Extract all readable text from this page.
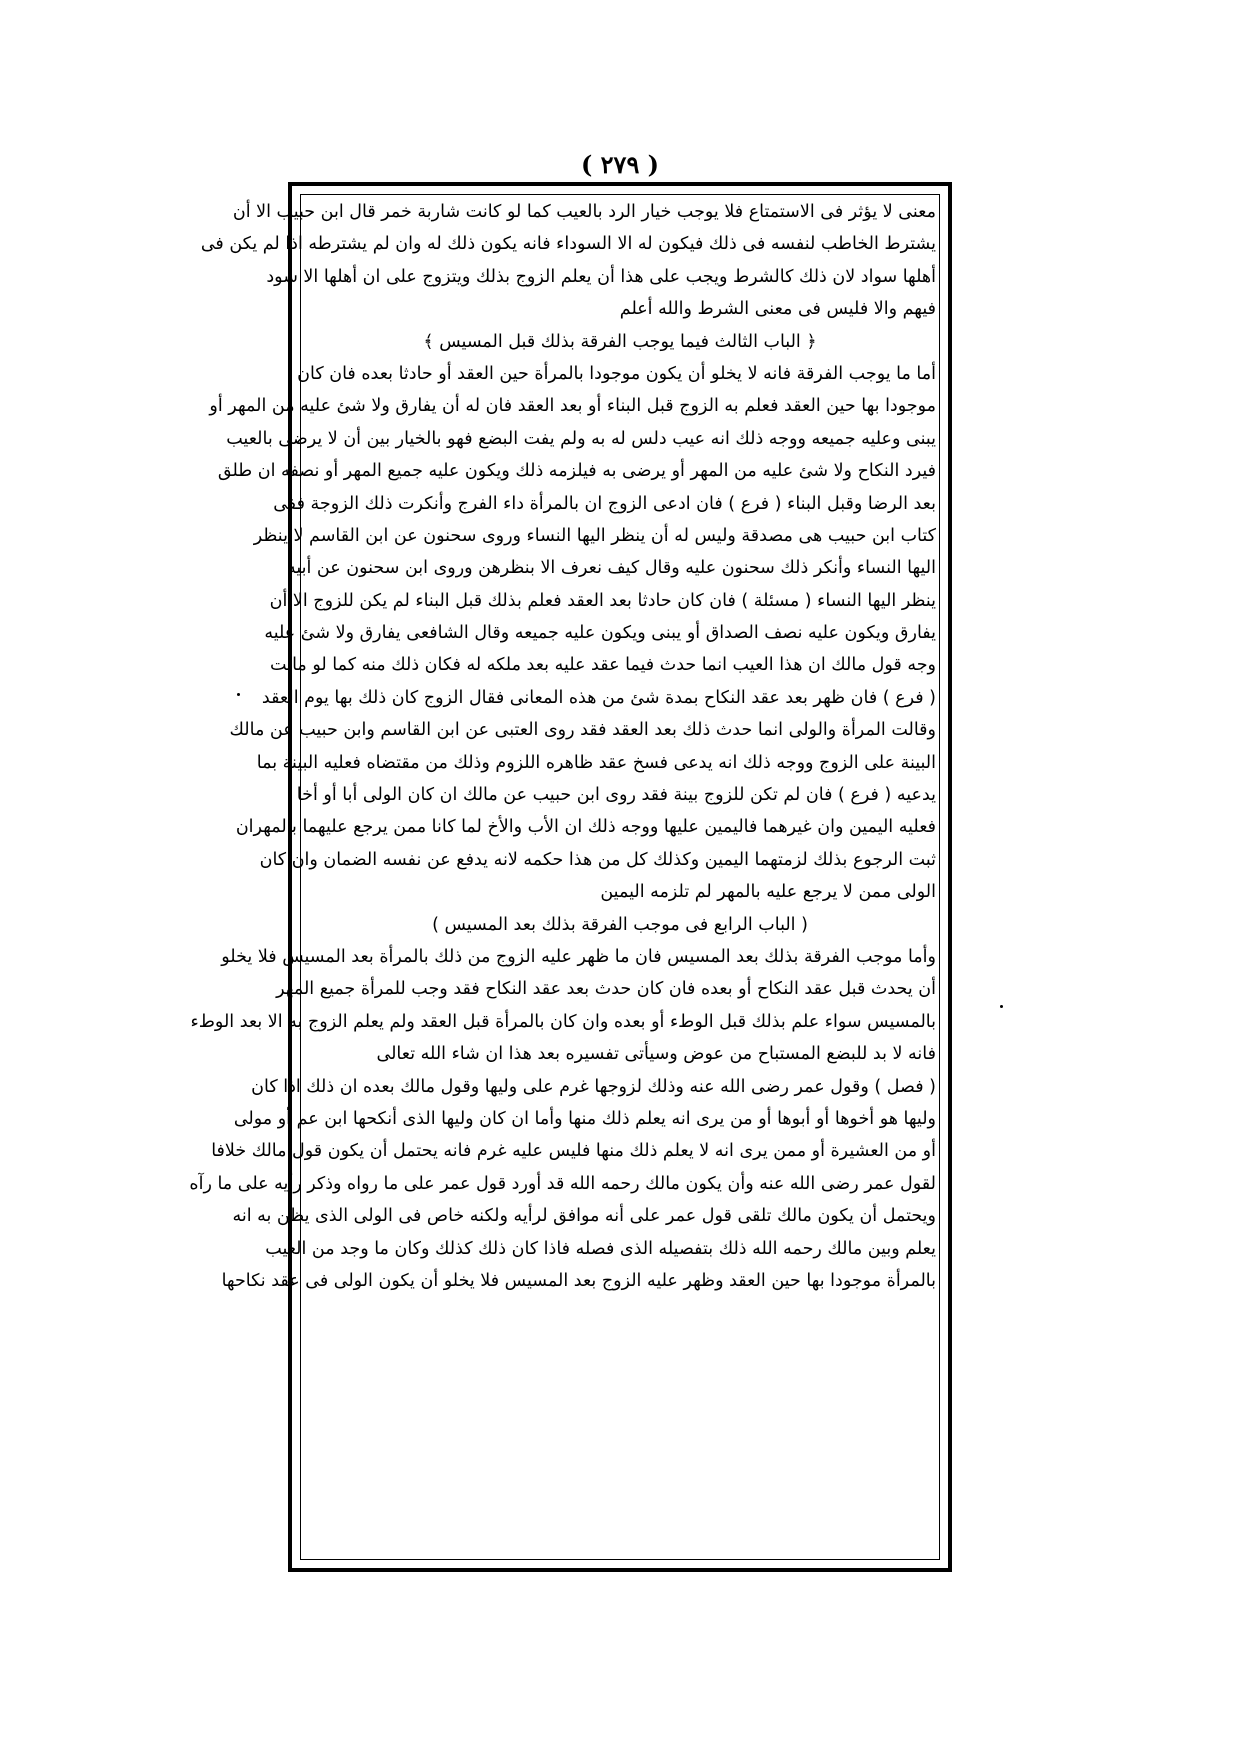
( ٢٧٩ )
معنى لا يؤثر فى الاستمتاع فلا يوجب خيار الرد بالعيب كما لو كانت شاربة خمر قال ابن حبيب الا أن
يشترط الخاطب لنفسه فى ذلك فيكون له الا السوداء فانه يكون ذلك له وان لم يشترطه اذا لم يكن فى
أهلها سواد لان ذلك كالشرط ويجب على هذا أن يعلم الزوج بذلك ويتزوج على ان أهلها الا سود
فيهم والا فليس فى معنى الشرط والله أعلم
﴿ الباب الثالث فيما يوجب الفرقة بذلك قبل المسيس ﴾
أما ما يوجب الفرقة فانه لا يخلو أن يكون موجودا بالمرأة حين العقد أو حادثا بعده فان كان
موجودا بها حين العقد فعلم به الزوج قبل البناء أو بعد العقد فان له أن يفارق ولا شئ عليه من المهر أو
يبنى وعليه جميعه ووجه ذلك انه عيب دلس له به ولم يفت البضع فهو بالخيار بين أن لا يرضى بالعيب
فيرد النكاح ولا شئ عليه من المهر أو يرضى به فيلزمه ذلك ويكون عليه جميع المهر أو نصفه ان طلق
بعد الرضا وقبل البناء ( فرع ) فان ادعى الزوج ان بالمرأة داء الفرج وأنكرت ذلك الزوجة ففى
كتاب ابن حبيب هى مصدقة وليس له أن ينظر اليها النساء وروى سحنون عن ابن القاسم لا ينظر
اليها النساء وأنكر ذلك سحنون عليه وقال كيف نعرف الا بنظرهن وروى ابن سحنون عن أبيه
ينظر اليها النساء ( مسئلة ) فان كان حادثا بعد العقد فعلم بذلك قبل البناء لم يكن للزوج الا أن
يفارق ويكون عليه نصف الصداق أو يبنى ويكون عليه جميعه وقال الشافعى يفارق ولا شئ عليه
وجه قول مالك ان هذا العيب انما حدث فيما عقد عليه بعد ملكه له فكان ذلك منه كما لو ماتت
( فرع ) فان ظهر بعد عقد النكاح بمدة شئ من هذه المعانى فقال الزوج كان ذلك بها يوم العقد
وقالت المرأة والولى انما حدث ذلك بعد العقد فقد روى العتبى عن ابن القاسم وابن حبيب عن مالك
البينة على الزوج ووجه ذلك انه يدعى فسخ عقد ظاهره اللزوم وذلك من مقتضاه فعليه البينة بما
يدعيه ( فرع ) فان لم تكن للزوج بينة فقد روى ابن حبيب عن مالك ان كان الولى أبا أو أخا
فعليه اليمين وان غيرهما فاليمين عليها ووجه ذلك ان الأب والأخ لما كانا ممن يرجع عليهما بالمهران
ثبت الرجوع بذلك لزمتهما اليمين وكذلك كل من هذا حكمه لانه يدفع عن نفسه الضمان وان كان
الولى ممن لا يرجع عليه بالمهر لم تلزمه اليمين
( الباب الرابع فى موجب الفرقة بذلك بعد المسيس )
وأما موجب الفرقة بذلك بعد المسيس فان ما ظهر عليه الزوج من ذلك بالمرأة بعد المسيس فلا يخلو
أن يحدث قبل عقد النكاح أو بعده فان كان حدث بعد عقد النكاح فقد وجب للمرأة جميع المهر
بالمسيس سواء علم بذلك قبل الوطء أو بعده وان كان بالمرأة قبل العقد ولم يعلم الزوج به الا بعد الوطء
فانه لا بد للبضع المستباح من عوض وسيأتى تفسيره بعد هذا ان شاء الله تعالى
( فصل ) وقول عمر رضى الله عنه وذلك لزوجها غرم على وليها وقول مالك بعده ان ذلك اذا كان
وليها هو أخوها أو أبوها أو من يرى انه يعلم ذلك منها وأما ان كان وليها الذى أنكحها ابن عم أو مولى
أو من العشيرة أو ممن يرى انه لا يعلم ذلك منها فليس عليه غرم فانه يحتمل أن يكون قول مالك خلافا
لقول عمر رضى الله عنه وأن يكون مالك رحمه الله قد أورد قول عمر على ما رواه وذكر رأيه على ما رآه
ويحتمل أن يكون مالك تلقى قول عمر على أنه موافق لرأيه ولكنه خاص فى الولى الذى يظن به انه
يعلم وبين مالك رحمه الله ذلك بتفصيله الذى فصله فاذا كان ذلك كذلك وكان ما وجد من العيب
بالمرأة موجودا بها حين العقد وظهر عليه الزوج بعد المسيس فلا يخلو أن يكون الولى فى عقد نكاحها
